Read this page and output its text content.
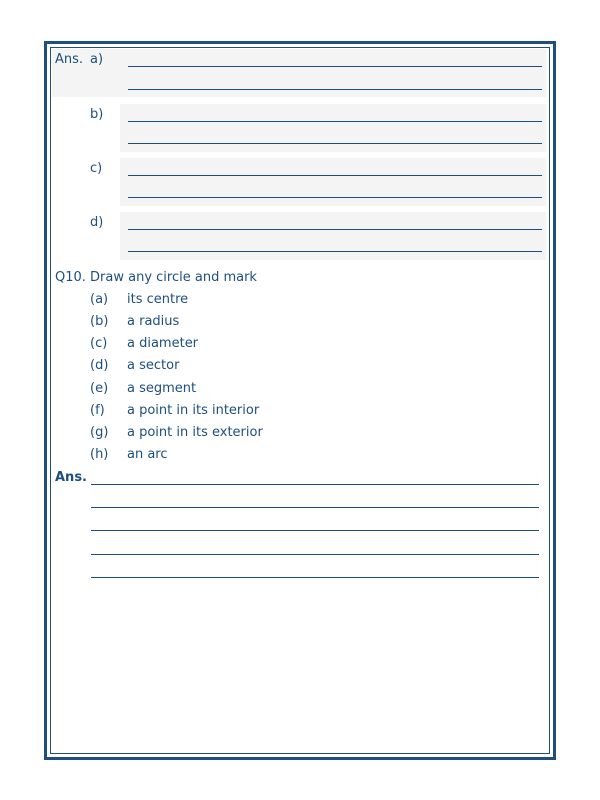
Ans. a)
b)
c)
d)
Q10. Draw any circle and mark
(a) its centre
(b) a radius
(c) a diameter
(d) a sector
(e) a segment
(f) a point in its interior
(g) a point in its exterior
(h) an arc
Ans.
